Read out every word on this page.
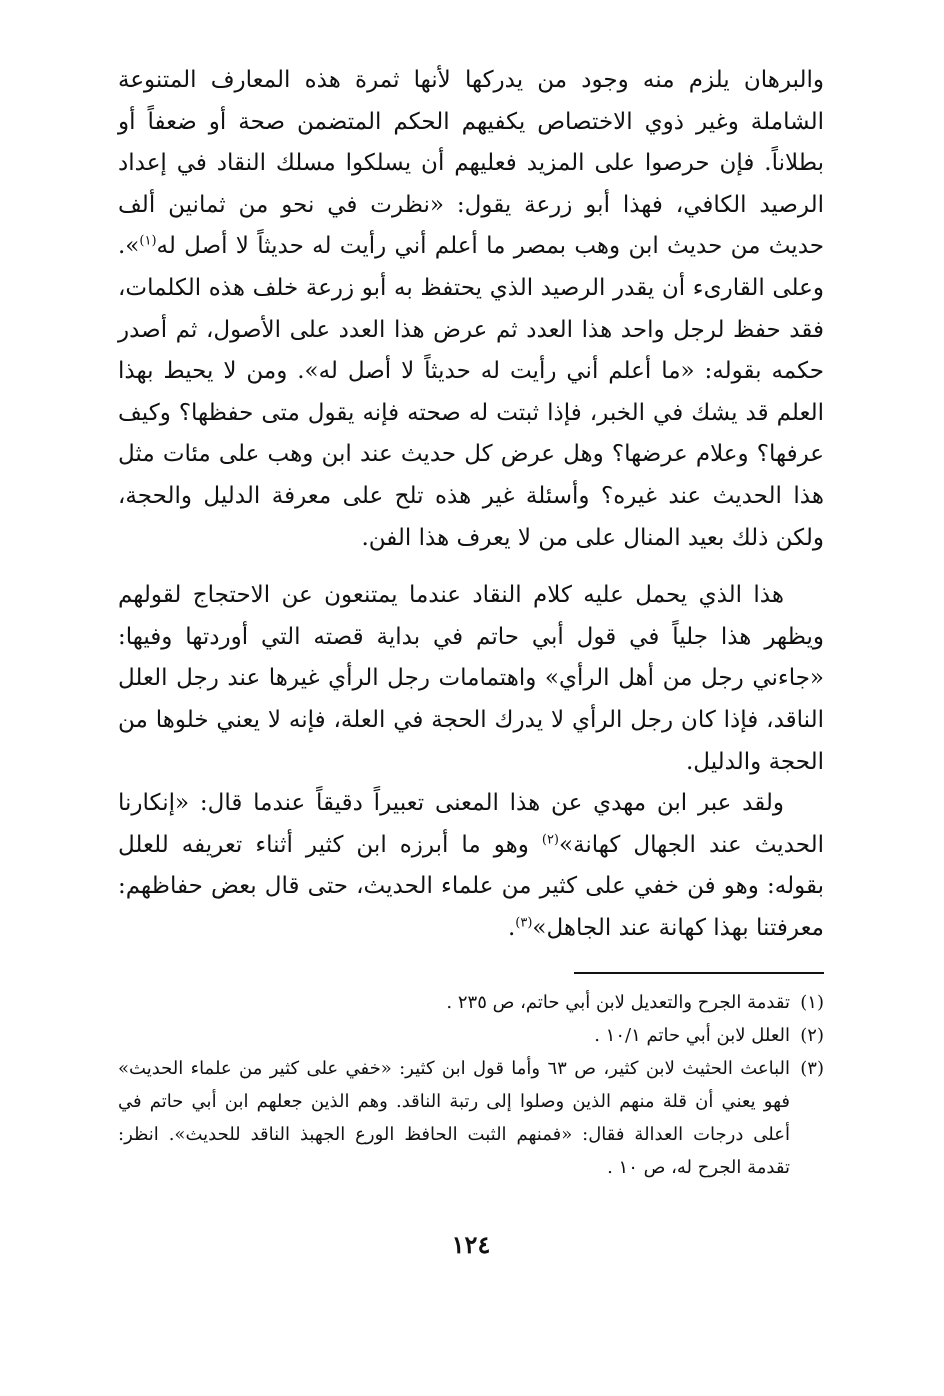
والبرهان يلزم منه وجود من يدركها لأنها ثمرة هذه المعارف المتنوعة الشاملة وغير ذوي الاختصاص يكفيهم الحكم المتضمن صحة أو ضعفاً أو بطلاناً. فإن حرصوا على المزيد فعليهم أن يسلكوا مسلك النقاد في إعداد الرصيد الكافي، فهذا أبو زرعة يقول: «نظرت في نحو من ثمانين ألف حديث من حديث ابن وهب بمصر ما أعلم أني رأيت له حديثاً لا أصل له$^{(١)}$». وعلى القارىء أن يقدر الرصيد الذي يحتفظ به أبو زرعة خلف هذه الكلمات، فقد حفظ لرجل واحد هذا العدد ثم عرض هذا العدد على الأصول، ثم أصدر حكمه بقوله: «ما أعلم أني رأيت له حديثاً لا أصل له». ومن لا يحيط بهذا العلم قد يشك في الخبر، فإذا ثبتت له صحته فإنه يقول متى حفظها؟ وكيف عرفها؟ وعلام عرضها؟ وهل عرض كل حديث عند ابن وهب على مئات مثل هذا الحديث عند غيره؟ وأسئلة غير هذه تلح على معرفة الدليل والحجة، ولكن ذلك بعيد المنال على من لا يعرف هذا الفن.

هذا الذي يحمل عليه كلام النقاد عندما يمتنعون عن الاحتجاج لقولهم ويظهر هذا جلياً في قول أبي حاتم في بداية قصته التي أوردتها وفيها: «جاءني رجل من أهل الرأي» واهتمامات رجل الرأي غيرها عند رجل العلل الناقد، فإذا كان رجل الرأي لا يدرك الحجة في العلة، فإنه لا يعني خلوها من الحجة والدليل.

ولقد عبر ابن مهدي عن هذا المعنى تعبيراً دقيقاً عندما قال: «إنكارنا الحديث عند الجهال كهانة»$^{(٢)}$ وهو ما أبرزه ابن كثير أثناء تعريفه للعلل بقوله: وهو فن خفي على كثير من علماء الحديث، حتى قال بعض حفاظهم: معرفتنا بهذا كهانة عند الجاهل»$^{(٣)}$.

(١)
تقدمة الجرح والتعديل لابن أبي حاتم، ص ٢٣٥ .
(٢)
العلل لابن أبي حاتم ١٠/١ .
(٣)
الباعث الحثيث لابن كثير، ص ٦٣ وأما قول ابن كثير: «خفي على كثير من علماء الحديث» فهو يعني أن قلة منهم الذين وصلوا إلى رتبة الناقد. وهم الذين جعلهم ابن أبي حاتم في أعلى درجات العدالة فقال: «فمنهم الثبت الحافظ الورع الجهبذ الناقد للحديث». انظر: تقدمة الجرح له، ص ١٠ .
١٢٤
